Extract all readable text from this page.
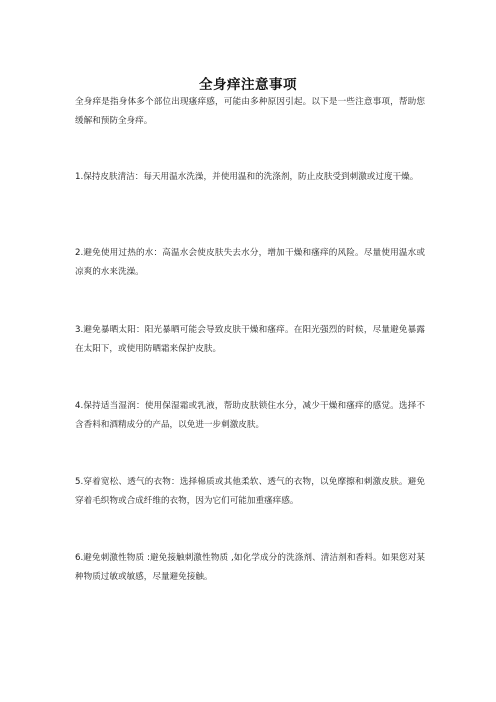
全身痒注意事项

全身痒是指身体多个部位出现瘙痒感，可能由多种原因引起。以下是一些注意事项，帮助您缓解和预防全身痒。

1.保持皮肤清洁：每天用温水洗澡，并使用温和的洗涤剂，防止皮肤受到刺激或过度干燥。

2.避免使用过热的水：高温水会使皮肤失去水分，增加干燥和瘙痒的风险。尽量使用温水或凉爽的水来洗澡。

3.避免暴晒太阳：阳光暴晒可能会导致皮肤干燥和瘙痒。在阳光强烈的时候，尽量避免暴露在太阳下，或使用防晒霜来保护皮肤。

4.保持适当湿润：使用保湿霜或乳液，帮助皮肤锁住水分，减少干燥和瘙痒的感觉。选择不含香料和酒精成分的产品，以免进一步刺激皮肤。

5.穿着宽松、透气的衣物：选择棉质或其他柔软、透气的衣物，以免摩擦和刺激皮肤。避免穿着毛织物或合成纤维的衣物，因为它们可能加重瘙痒感。

6.避免刺激性物质 :避免接触刺激性物质 ,如化学成分的洗涤剂、清洁剂和香料。如果您对某种物质过敏或敏感，尽量避免接触。
